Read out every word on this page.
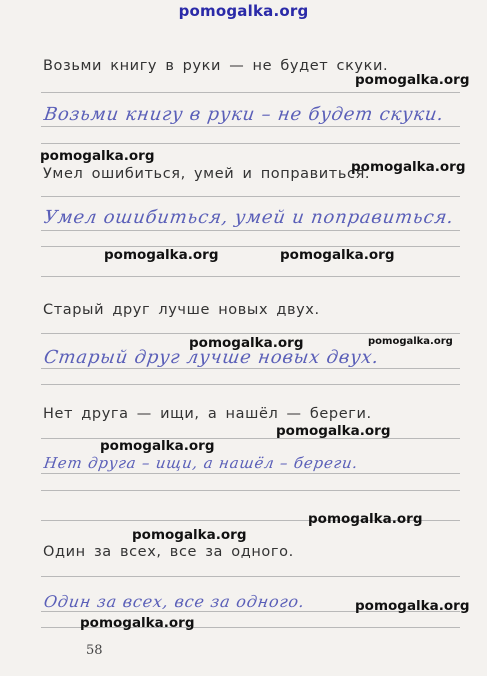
pomogalka.org
Возьми книгу в руки — не будет скуки.
Возьми книгу в руки – не будет скуки.
Умел ошибиться, умей и поправиться.
Умел ошибиться, умей и поправиться.
Старый друг лучше новых двух.
Старый друг лучше новых двух.
Нет друга — ищи, а нашёл — береги.
Нет друга – ищи, а нашёл – береги.
Один за всех, все за одного.
Один за всех, все за одного.
pomogalka.org
pomogalka.org
pomogalka.org
pomogalka.org	pomogalka.org
pomogalka.org	pomogalka.org
pomogalka.org
pomogalka.org
pomogalka.org
pomogalka.org
pomogalka.org
pomogalka.org
58
